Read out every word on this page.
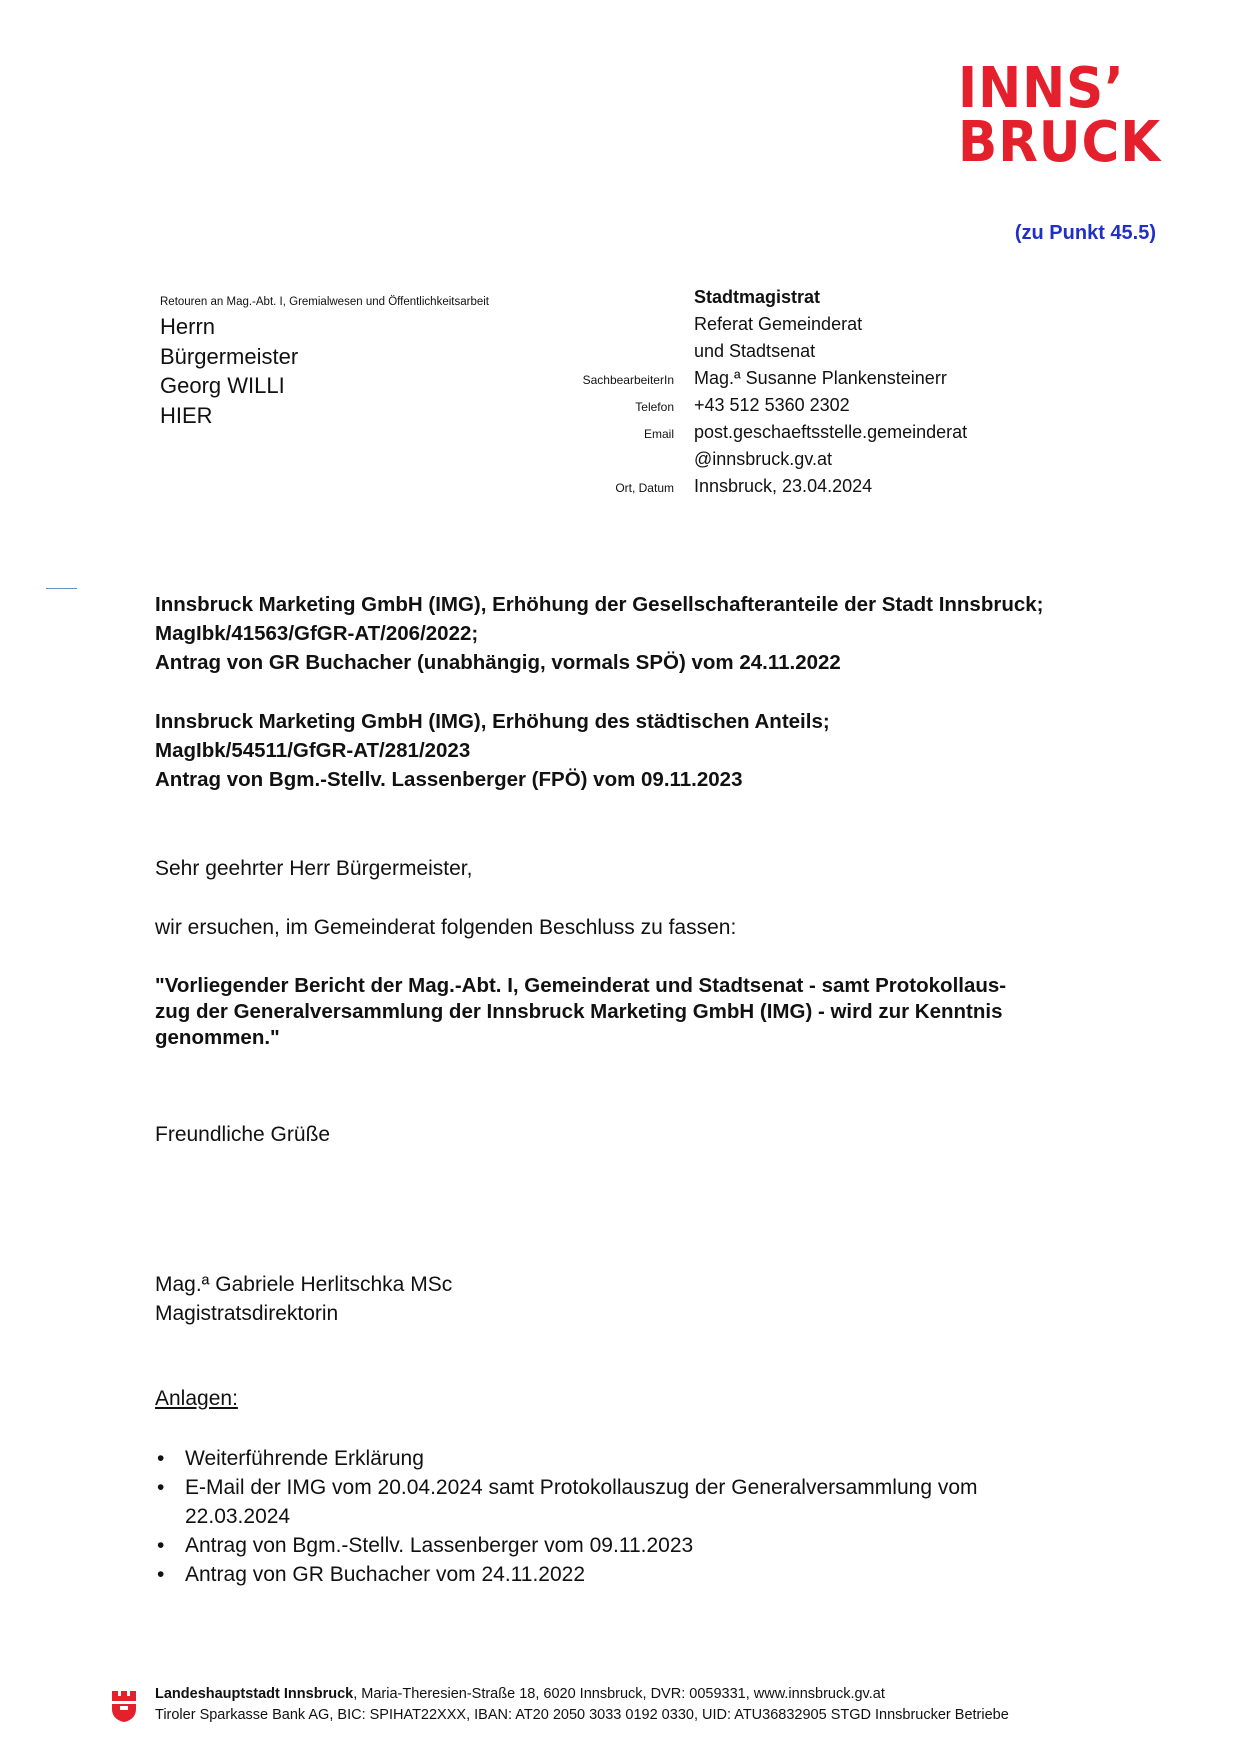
INNS’
BRUCK
(zu Punkt 45.5)
Retouren an Mag.-Abt. I, Gremialwesen und Öffentlichkeitsarbeit
Herrn
Bürgermeister
Georg WILLI
HIER
Stadtmagistrat
Referat Gemeinderat
und Stadtsenat
SachbearbeiterIn Mag.ª Susanne Plankensteinerr
Telefon +43 512 5360 2302
Email post.geschaeftsstelle.gemeinderat
@innsbruck.gv.at
Ort, Datum Innsbruck, 23.04.2024
Innsbruck Marketing GmbH (IMG), Erhöhung der Gesellschafteranteile der Stadt Innsbruck;
MagIbk/41563/GfGR-AT/206/2022;
Antrag von GR Buchacher (unabhängig, vormals SPÖ) vom 24.11.2022
Innsbruck Marketing GmbH (IMG), Erhöhung des städtischen Anteils;
MagIbk/54511/GfGR-AT/281/2023
Antrag von Bgm.-Stellv. Lassenberger (FPÖ) vom 09.11.2023
Sehr geehrter Herr Bürgermeister,
wir ersuchen, im Gemeinderat folgenden Beschluss zu fassen:
"Vorliegender Bericht der Mag.-Abt. I, Gemeinderat und Stadtsenat - samt Protokollaus-
zug der Generalversammlung der Innsbruck Marketing GmbH (IMG) - wird zur Kenntnis
genommen."
Freundliche Grüße
Mag.ª Gabriele Herlitschka MSc
Magistratsdirektorin
Anlagen:
• Weiterführende Erklärung
• E-Mail der IMG vom 20.04.2024 samt Protokollauszug der Generalversammlung vom
22.03.2024
• Antrag von Bgm.-Stellv. Lassenberger vom 09.11.2023
• Antrag von GR Buchacher vom 24.11.2022
Landeshauptstadt Innsbruck, Maria-Theresien-Straße 18, 6020 Innsbruck, DVR: 0059331, www.innsbruck.gv.at
Tiroler Sparkasse Bank AG, BIC: SPIHAT22XXX, IBAN: AT20 2050 3033 0192 0330, UID: ATU36832905 STGD Innsbrucker Betriebe
